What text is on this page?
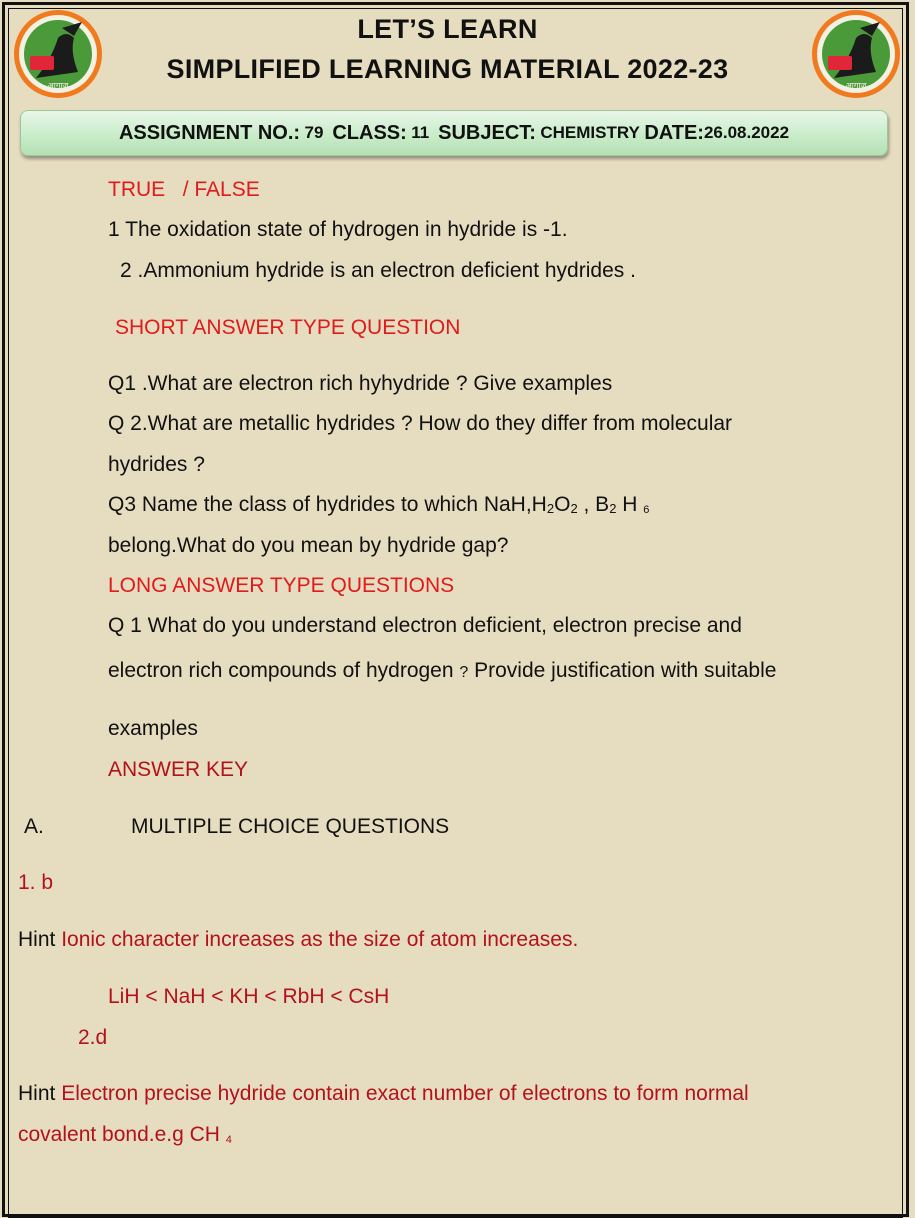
आगाज	आगाज
LET’S LEARN
SIMPLIFIED LEARNING MATERIAL 2022-23
ASSIGNMENT NO.:
79
CLASS:
11
SUBJECT:
CHEMISTRY
DATE: 26.08.2022
TRUE / FALSE
1 The oxidation state of hydrogen in hydride is -1.
2 .Ammonium hydride is an electron deficient hydrides .
SHORT ANSWER TYPE QUESTION
Q1 .What are electron rich hyhydride ? Give examples
Q 2.What are metallic hydrides ? How do they differ from molecular
hydrides ?
Q3 Name the class of hydrides to which NaH,H2O2 , B2 H 6
belong.What do you mean by hydride gap?
LONG ANSWER TYPE QUESTIONS
Q 1 What do you understand electron deficient, electron precise and
electron rich compounds of hydrogen ? Provide justification with suitable
examples
ANSWER KEY
A.	MULTIPLE CHOICE QUESTIONS
1. b
Hint Ionic character increases as the size of atom increases.
LiH < NaH < KH < RbH < CsH
2.d
Hint Electron precise hydride contain exact number of electrons to form normal
covalent bond.e.g CH 4
